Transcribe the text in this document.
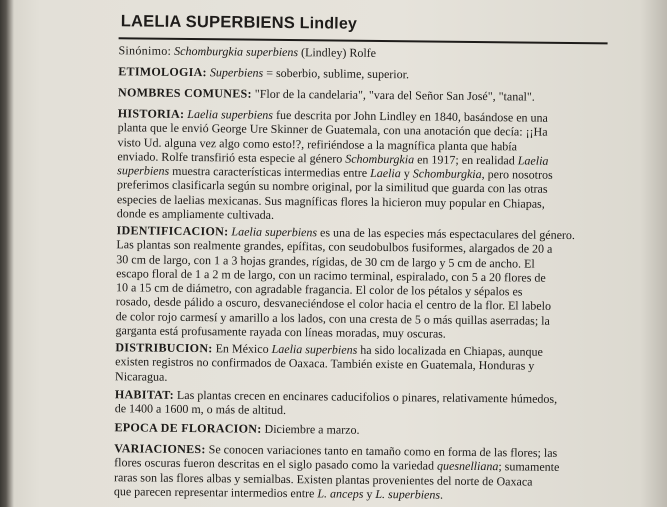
LAELIA SUPERBIENS Lindley
Sinónimo: Schomburgkia superbiens (Lindley) Rolfe
ETIMOLOGIA: Superbiens = soberbio, sublime, superior.
NOMBRES COMUNES: "Flor de la candelaria", "vara del Señor San José", "tanal".
HISTORIA: Laelia superbiens fue descrita por John Lindley en 1840, basándose en una
planta que le envió George Ure Skinner de Guatemala, con una anotación que decía: ¡¡Ha
visto Ud. alguna vez algo como esto!?, refiriéndose a la magnífica planta que había
enviado. Rolfe transfirió esta especie al género Schomburgkia en 1917; en realidad Laelia
superbiens muestra características intermedias entre Laelia y Schomburgkia, pero nosotros
preferimos clasificarla según su nombre original, por la similitud que guarda con las otras
especies de laelias mexicanas. Sus magníficas flores la hicieron muy popular en Chiapas,
donde es ampliamente cultivada.
IDENTIFICACION: Laelia superbiens es una de las especies más espectaculares del género.
Las plantas son realmente grandes, epífitas, con seudobulbos fusiformes, alargados de 20 a
30 cm de largo, con 1 a 3 hojas grandes, rígidas, de 30 cm de largo y 5 cm de ancho. El
escapo floral de 1 a 2 m de largo, con un racimo terminal, espiralado, con 5 a 20 flores de
10 a 15 cm de diámetro, con agradable fragancia. El color de los pétalos y sépalos es
rosado, desde pálido a oscuro, desvaneciéndose el color hacia el centro de la flor. El labelo
de color rojo carmesí y amarillo a los lados, con una cresta de 5 o más quillas aserradas; la
garganta está profusamente rayada con líneas moradas, muy oscuras.
DISTRIBUCION: En México Laelia superbiens ha sido localizada en Chiapas, aunque
existen registros no confirmados de Oaxaca. También existe en Guatemala, Honduras y
Nicaragua.
HABITAT: Las plantas crecen en encinares caducifolios o pinares, relativamente húmedos,
de 1400 a 1600 m, o más de altitud.
EPOCA DE FLORACION: Diciembre a marzo.
VARIACIONES: Se conocen variaciones tanto en tamaño como en forma de las flores; las
flores oscuras fueron descritas en el siglo pasado como la variedad quesnelliana; sumamente
raras son las flores albas y semialbas. Existen plantas provenientes del norte de Oaxaca
que parecen representar intermedios entre L. anceps y L. superbiens.
